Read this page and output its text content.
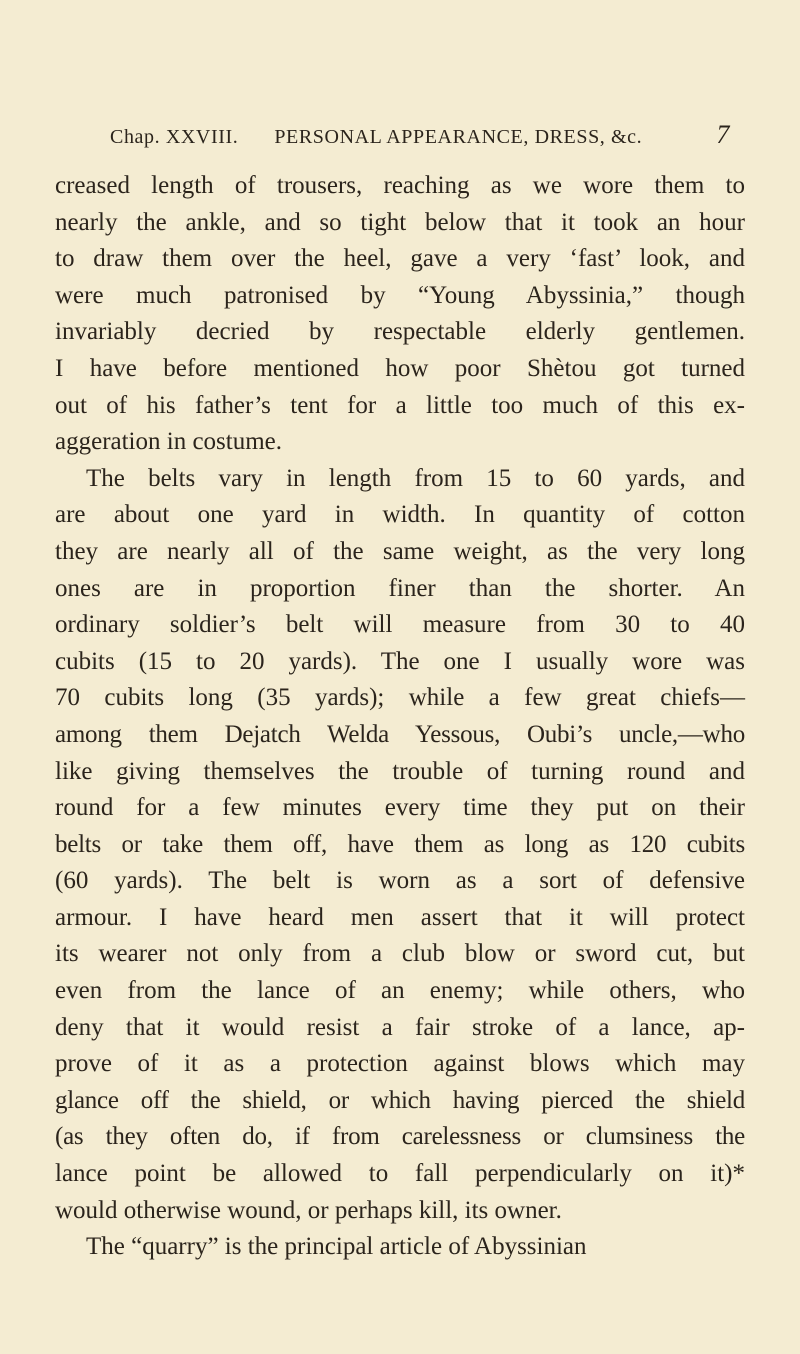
Chap. XXVIII. PERSONAL APPEARANCE, DRESS, &c.	7
creased length of trousers, reaching as we wore them to
nearly the ankle, and so tight below that it took an hour
to draw them over the heel, gave a very ‘fast’ look, and
were much patronised by “Young Abyssinia,” though
invariably decried by respectable elderly gentlemen.
I have before mentioned how poor Shètou got turned
out of his father’s tent for a little too much of this ex-
aggeration in costume.
The belts vary in length from 15 to 60 yards, and
are about one yard in width. In quantity of cotton
they are nearly all of the same weight, as the very long
ones are in proportion finer than the shorter. An
ordinary soldier’s belt will measure from 30 to 40
cubits (15 to 20 yards). The one I usually wore was
70 cubits long (35 yards); while a few great chiefs—
among them Dejatch Welda Yessous, Oubi’s uncle,—who
like giving themselves the trouble of turning round and
round for a few minutes every time they put on their
belts or take them off, have them as long as 120 cubits
(60 yards). The belt is worn as a sort of defensive
armour. I have heard men assert that it will protect
its wearer not only from a club blow or sword cut, but
even from the lance of an enemy; while others, who
deny that it would resist a fair stroke of a lance, ap-
prove of it as a protection against blows which may
glance off the shield, or which having pierced the shield
(as they often do, if from carelessness or clumsiness the
lance point be allowed to fall perpendicularly on it)*
would otherwise wound, or perhaps kill, its owner.
The “quarry” is the principal article of Abyssinian
